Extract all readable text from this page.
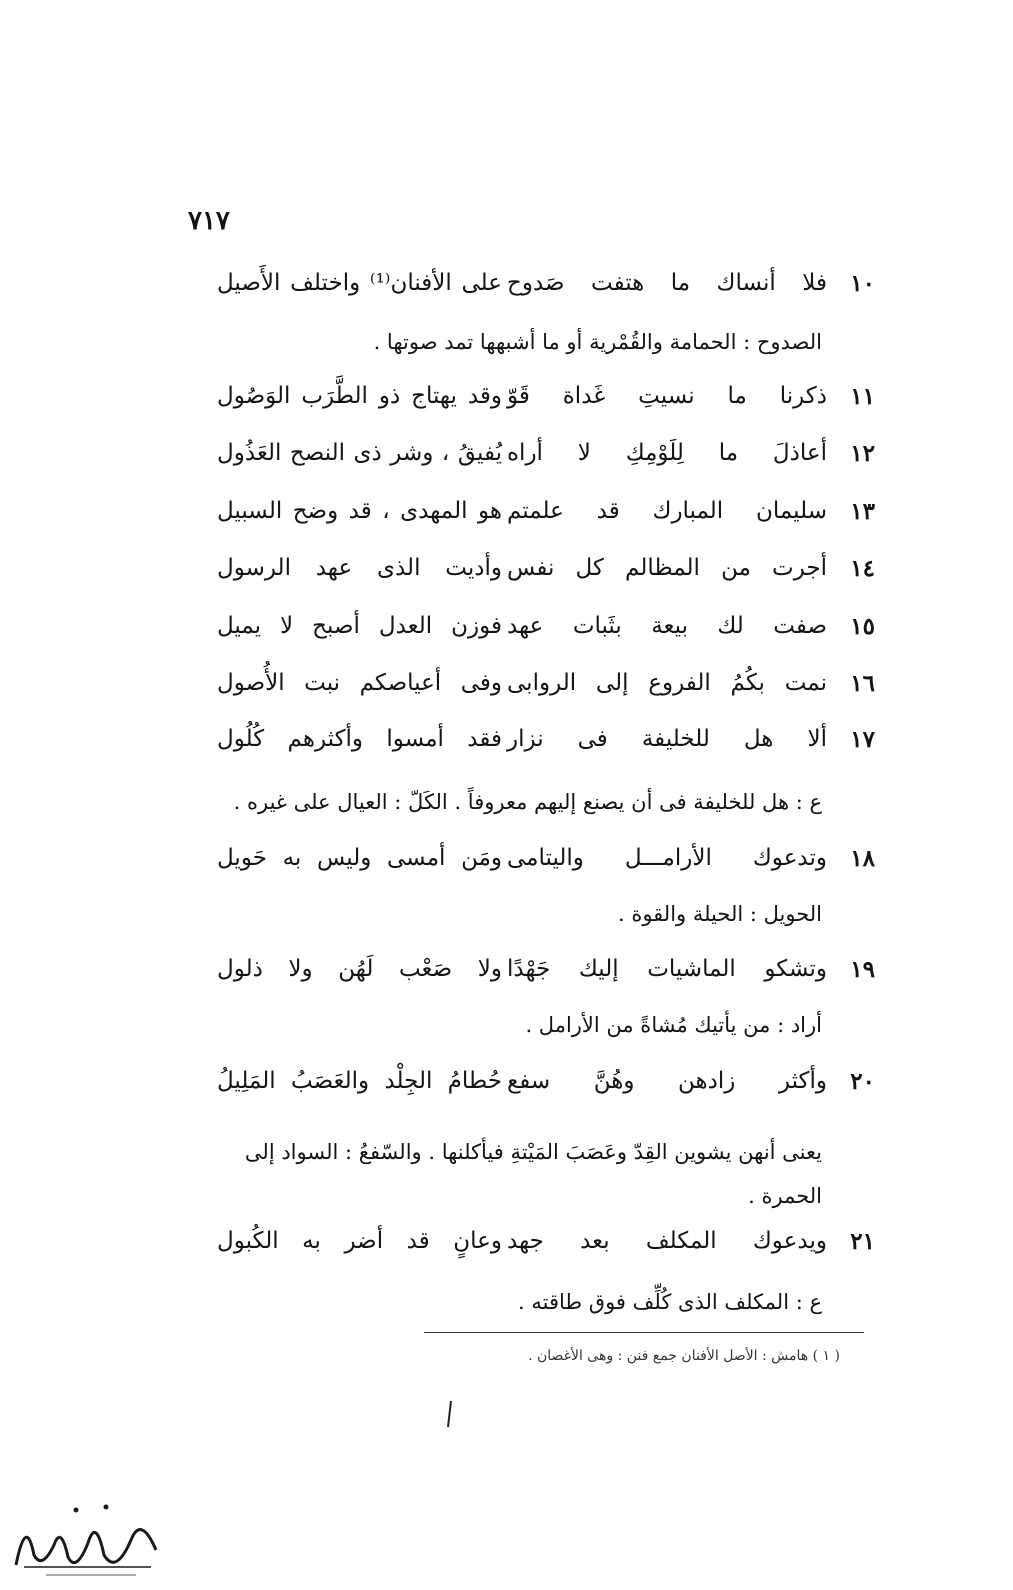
٧١٧
١٠
فلا أنساك ما هتفت صَدوح
على الأفنان⁽¹⁾ واختلف الأَصيل
الصدوح : الحمامة والقُمْرية أو ما أشبهها تمد صوتها .
١١
ذكرنا ما نسيتِ غَداة قَوّ
وقد يهتاج ذو الطَّرَب الوَصُول
١٢
أعاذلَ ما لِلَوْمِكِ لا أراه
يُفيقُ ، وشر ذى النصح العَذُول
١٣
سليمان المبارك قد علمتم
هو المهدى ، قد وضح السبيل
١٤
أجرت من المظالم كل نفس
وأديت الذى عهد الرسول
١٥
صفت لك بيعة بثَبات عهد
فوزن العدل أصبح لا يميل
١٦
نمت بكُمُ الفروع إلى الروابى
وفى أعياصكم نبت الأُصول
١٧
ألا هل للخليفة فى نزار
فقد أمسوا وأكثرهم كُلُول
ع : هل للخليفة فى أن يصنع إليهم معروفاً . الكَلّ : العيال على غيره .
١٨
وتدعوك الأرامـــل واليتامى
ومَن أمسى وليس به حَويل
الحويل : الحيلة والقوة .
١٩
وتشكو الماشيات إليك جَهْدًا
ولا صَعْب لَهُن ولا ذلول
أراد : من يأتيك مُشاةً من الأرامل .
٢٠
وأكثر زادهن وهُنَّ سفع
حُطامُ الجِلْد والعَصَبُ المَلِيلُ
يعنى أنهن يشوين القِدّ وعَصَبَ المَيْتةِ فيأكلنها . والسّفعُ : السواد إلى الحمرة .
٢١
ويدعوك المكلف بعد جهد
وعانٍ قد أضر به الكُبول
ع : المكلف الذى كُلِّف فوق طاقته .
( ١ ) هامش : الأصل الأفنان جمع فنن : وهى الأغصان .
